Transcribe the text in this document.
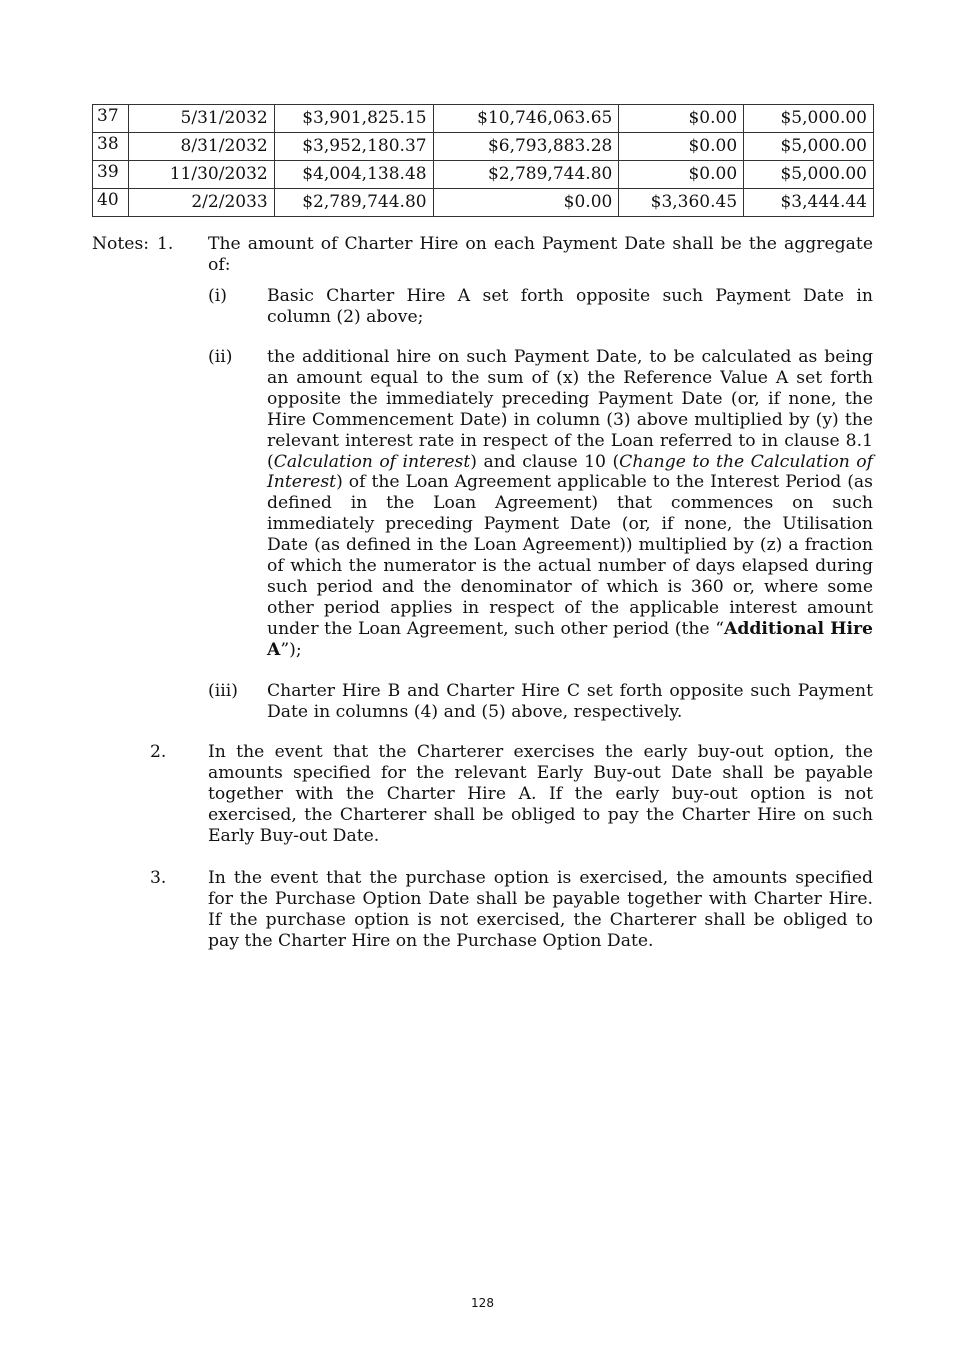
37	5/31/2032	$3,901,825.15	$10,746,063.65	$0.00	$5,000.00
38	8/31/2032	$3,952,180.37	$6,793,883.28	$0.00	$5,000.00
39	11/30/2032	$4,004,138.48	$2,789,744.80	$0.00	$5,000.00
40	2/2/2033	$2,789,744.80	$0.00	$3,360.45	$3,444.44
Notes: 1. The amount of Charter Hire on each Payment Date shall be the aggregate of:
(i) Basic Charter Hire A set forth opposite such Payment Date in column (2) above;
(ii) the additional hire on such Payment Date, to be calculated as being an amount equal to the sum of (x) the Reference Value A set forth opposite the immediately preceding Payment Date (or, if none, the Hire Commencement Date) in column (3) above multiplied by (y) the relevant interest rate in respect of the Loan referred to in clause 8.1 (Calculation of interest) and clause 10 (Change to the Calculation of Interest) of the Loan Agreement applicable to the Interest Period (as defined in the Loan Agreement) that commences on such immediately preceding Payment Date (or, if none, the Utilisation Date (as defined in the Loan Agreement)) multiplied by (z) a fraction of which the numerator is the actual number of days elapsed during such period and the denominator of which is 360 or, where some other period applies in respect of the applicable interest amount under the Loan Agreement, such other period (the “Additional Hire A”);
(iii) Charter Hire B and Charter Hire C set forth opposite such Payment Date in columns (4) and (5) above, respectively.
2. In the event that the Charterer exercises the early buy-out option, the amounts specified for the relevant Early Buy-out Date shall be payable together with the Charter Hire A. If the early buy-out option is not exercised, the Charterer shall be obliged to pay the Charter Hire on such Early Buy-out Date.
3. In the event that the purchase option is exercised, the amounts specified for the Purchase Option Date shall be payable together with Charter Hire. If the purchase option is not exercised, the Charterer shall be obliged to pay the Charter Hire on the Purchase Option Date.
128
